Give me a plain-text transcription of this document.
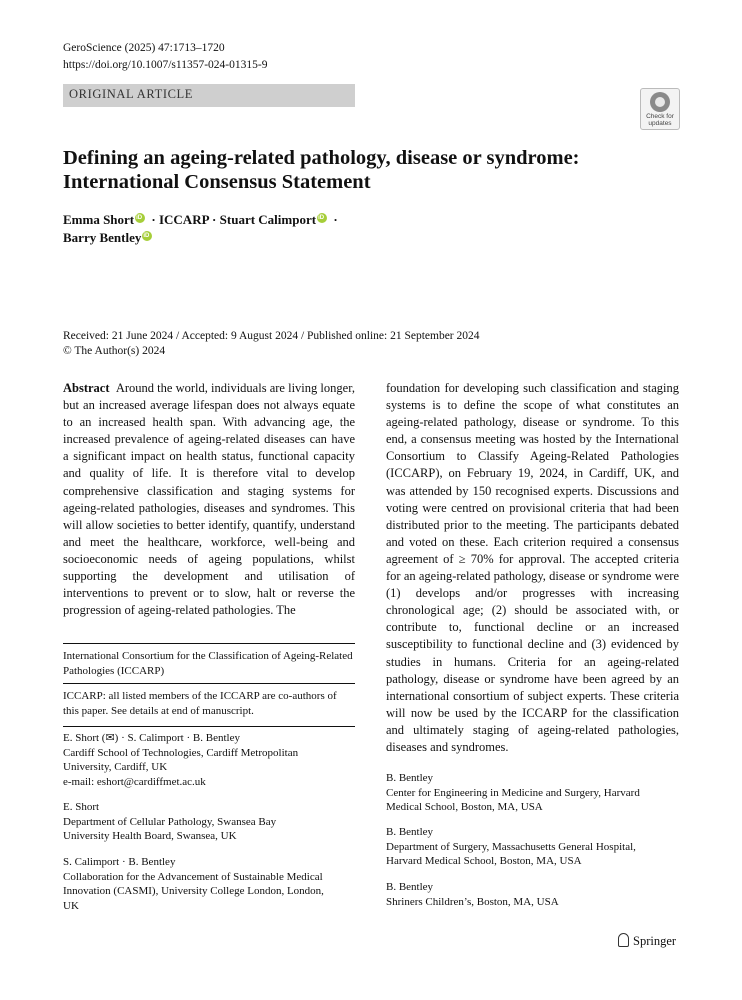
GeroScience (2025) 47:1713–1720
https://doi.org/10.1007/s11357-024-01315-9
ORIGINAL ARTICLE
Check for
updates
Defining an ageing-related pathology, disease or syndrome: International Consensus Statement
Emma ShortiD · ICCARP · Stuart CalimportiD ·
Barry BentleyiD
Received: 21 June 2024 / Accepted: 9 August 2024 / Published online: 21 September 2024
© The Author(s) 2024
Abstract Around the world, individuals are living longer, but an increased average lifespan does not always equate to an increased health span. With advancing age, the increased prevalence of ageing-related diseases can have a significant impact on health status, functional capacity and quality of life. It is therefore vital to develop comprehensive classification and staging systems for ageing-related pathologies, diseases and syndromes. This will allow societies to better identify, quantify, understand and meet the healthcare, workforce, well-being and socioeconomic needs of ageing populations, whilst supporting the development and utilisation of interventions to prevent or to slow, halt or reverse the progression of ageing-related pathologies. The
foundation for developing such classification and staging systems is to define the scope of what constitutes an ageing-related pathology, disease or syndrome. To this end, a consensus meeting was hosted by the International Consortium to Classify Ageing-Related Pathologies (ICCARP), on February 19, 2024, in Cardiff, UK, and was attended by 150 recognised experts. Discussions and voting were centred on provisional criteria that had been distributed prior to the meeting. The participants debated and voted on these. Each criterion required a consensus agreement of ≥ 70% for approval. The accepted criteria for an ageing-related pathology, disease or syndrome were (1) develops and/or progresses with increasing chronological age; (2) should be associated with, or contribute to, functional decline or an increased susceptibility to functional decline and (3) evidenced by studies in humans. Criteria for an ageing-related pathology, disease or syndrome have been agreed by an international consortium of subject experts. These criteria will now be used by the ICCARP for the classification and ultimately staging of ageing-related pathologies, diseases and syndromes.
International Consortium for the Classification of Ageing-Related Pathologies (ICCARP)
ICCARP: all listed members of the ICCARP are co-authors of this paper. See details at end of manuscript.
E. Short (✉) · S. Calimport · B. Bentley
Cardiff School of Technologies, Cardiff Metropolitan
University, Cardiff, UK
e-mail: eshort@cardiffmet.ac.uk
E. Short
Department of Cellular Pathology, Swansea Bay
University Health Board, Swansea, UK
S. Calimport · B. Bentley
Collaboration for the Advancement of Sustainable Medical
Innovation (CASMI), University College London, London,
UK
B. Bentley
Center for Engineering in Medicine and Surgery, Harvard
Medical School, Boston, MA, USA
B. Bentley
Department of Surgery, Massachusetts General Hospital,
Harvard Medical School, Boston, MA, USA
B. Bentley
Shriners Children’s, Boston, MA, USA
Springer
